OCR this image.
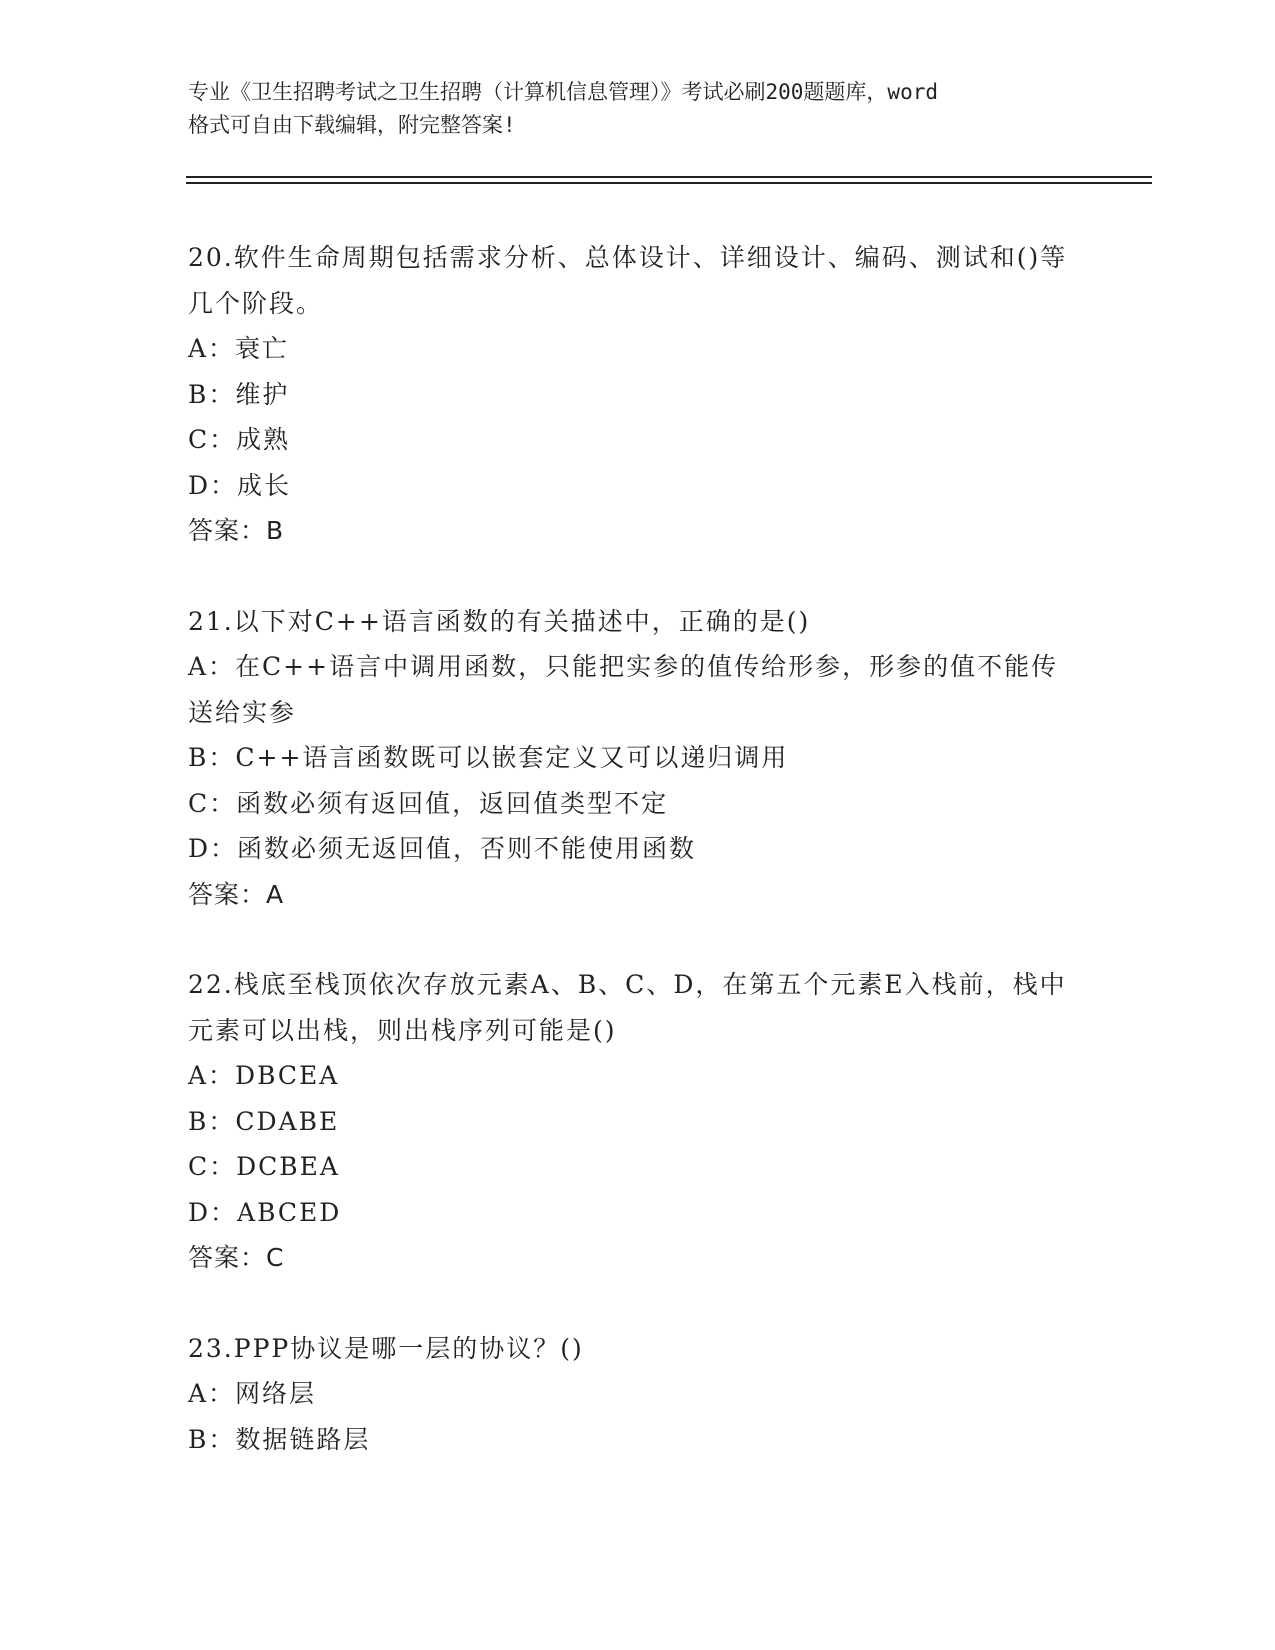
专业《卫生招聘考试之卫生招聘（计算机信息管理）》考试必刷200题题库，word
格式可自由下载编辑，附完整答案!
20.软件生命周期包括需求分析、总体设计、详细设计、编码、测试和()等几个阶段。
A：衰亡
B：维护
C：成熟
D：成长
答案：B
21.以下对C++语言函数的有关描述中，正确的是()
A：在C++语言中调用函数，只能把实参的值传给形参，形参的值不能传送给实参
B：C++语言函数既可以嵌套定义又可以递归调用
C：函数必须有返回值，返回值类型不定
D：函数必须无返回值，否则不能使用函数
答案：A
22.栈底至栈顶依次存放元素A、B、C、D，在第五个元素E入栈前，栈中元素可以出栈，则出栈序列可能是()
A：DBCEA
B：CDABE
C：DCBEA
D：ABCED
答案：C
23.PPP协议是哪一层的协议？()
A：网络层
B：数据链路层
